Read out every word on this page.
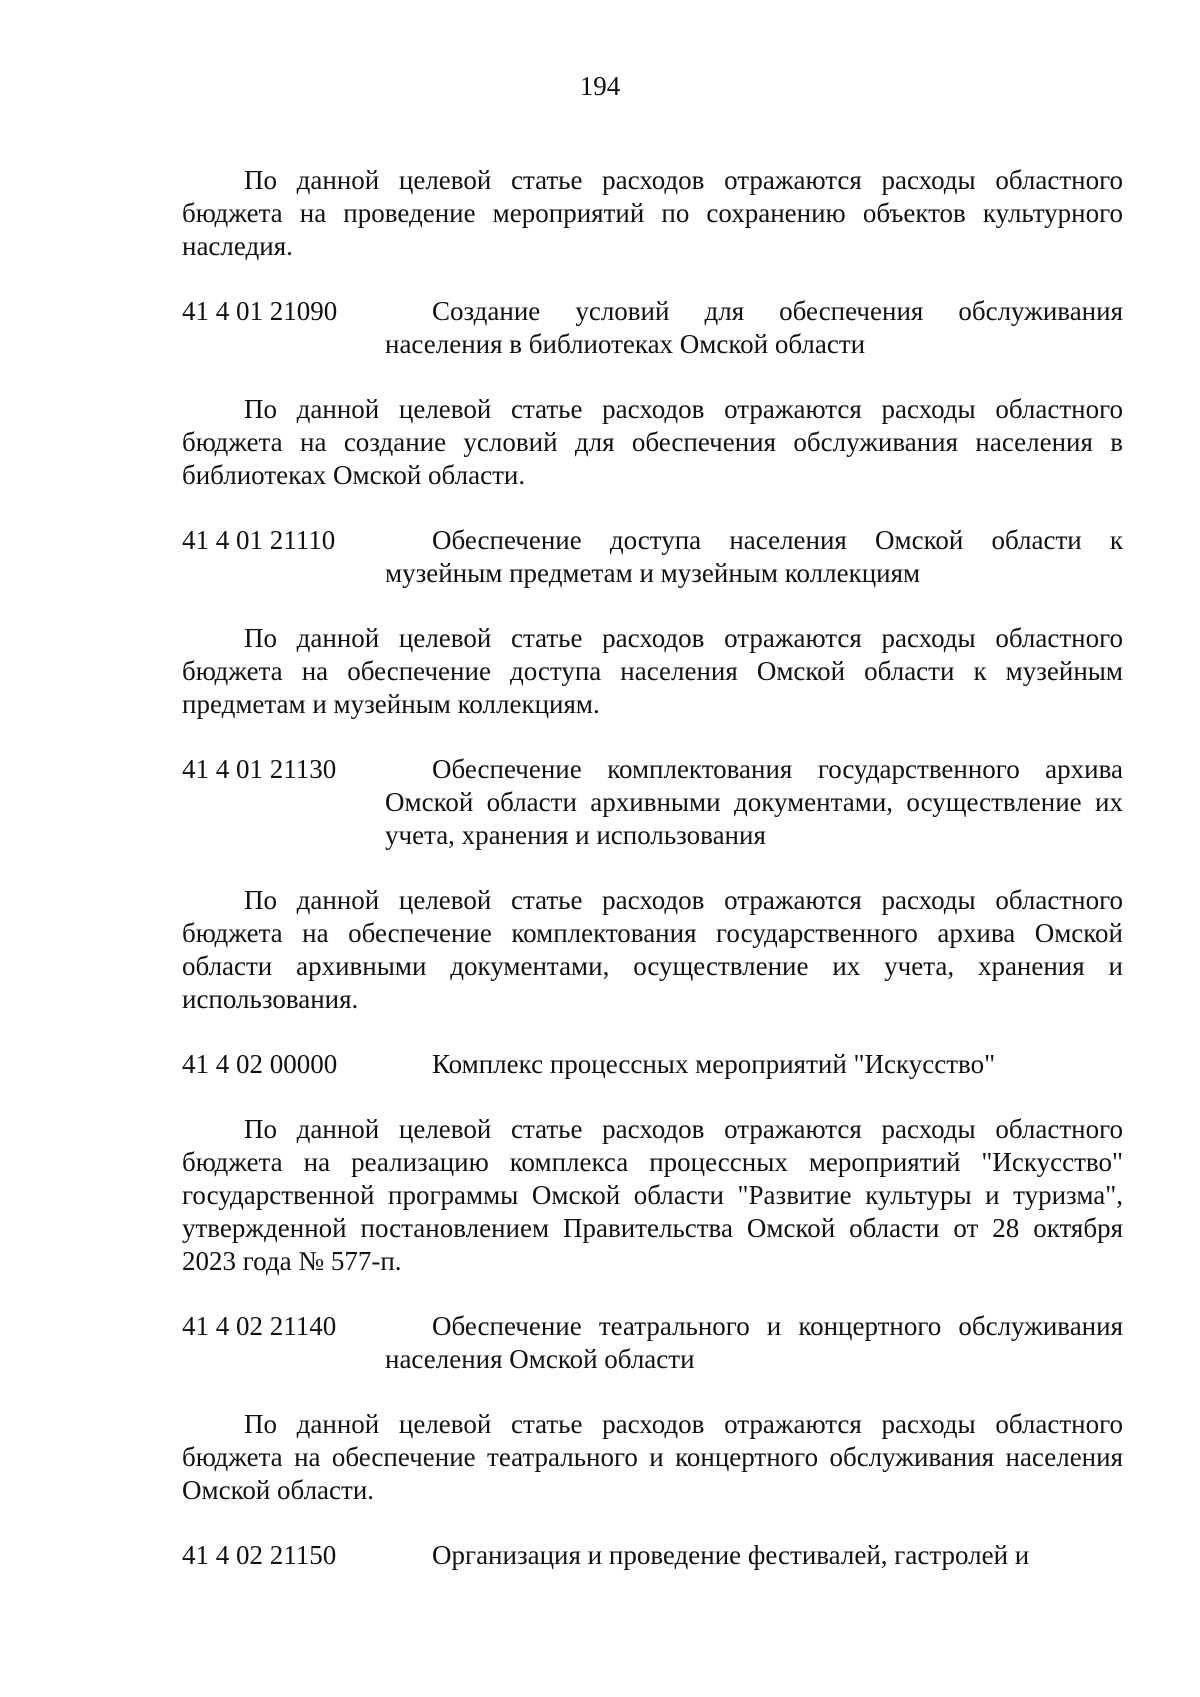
194

По данной целевой статье расходов отражаются расходы областного бюджета на проведение мероприятий по сохранению объектов культурного наследия.

41 4 01 21090	Создание условий для обеспечения обслуживания населения в библиотеках Омской области

По данной целевой статье расходов отражаются расходы областного бюджета на создание условий для обеспечения обслуживания населения в библиотеках Омской области.

41 4 01 21110	Обеспечение доступа населения Омской области к музейным предметам и музейным коллекциям

По данной целевой статье расходов отражаются расходы областного бюджета на обеспечение доступа населения Омской области к музейным предметам и музейным коллекциям.

41 4 01 21130	Обеспечение комплектования государственного архива Омской области архивными документами, осуществление их учета, хранения и использования

По данной целевой статье расходов отражаются расходы областного бюджета на обеспечение комплектования государственного архива Омской области архивными документами, осуществление их учета, хранения и использования.

41 4 02 00000	Комплекс процессных мероприятий "Искусство"

По данной целевой статье расходов отражаются расходы областного бюджета на реализацию комплекса процессных мероприятий "Искусство" государственной программы Омской области "Развитие культуры и туризма", утвержденной постановлением Правительства Омской области от 28 октября 2023 года № 577-п.

41 4 02 21140	Обеспечение театрального и концертного обслуживания населения Омской области

По данной целевой статье расходов отражаются расходы областного бюджета на обеспечение театрального и концертного обслуживания населения Омской области.

41 4 02 21150	Организация и проведение фестивалей, гастролей и
